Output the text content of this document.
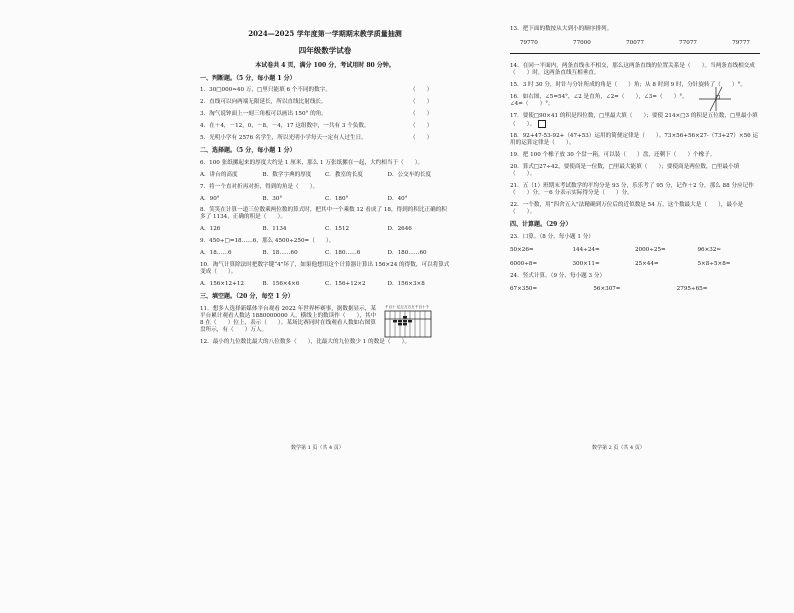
2024—2025 学年度第一学期期末教学质量抽测
四年级数学试卷
本试卷共 4 页，满分 100 分，考试用时 80 分钟。
一、判断题。（5 分，每小题 1 分）
1．30□000≈40 万，□里只能填 6 个不同的数字。	（　　）
2．直线可以向两端无限延长，所以直线比射线长。	（　　）
3．淘气说钟面上一刻三角板可以画出 150° 的角。	（　　）
4．在＋4，－12，0，－8，－4，17 这组数中，一共有 3 个负数。	（　　）
5．光明小学有 2576 名学生，所以光明小学每天一定有人过生日。	（　　）
二、选择题。（5 分，每小题 1 分）
6．100 张纸摞起来的厚度大约是 1 厘米，那么 1 万张纸摞在一起，大约相当于（　　）。
A．讲台的高度	B．数学字典的厚度	C．教室的长度	D．公交车的长度
7．将一个直对折再对折，得到的角是（　　）。
A．90°	B．30°	C．180°	D．40°
8．笑笑在计算一道三位数乘两位数的算式时，把其中一个乘数 12 看成了 18，得到的积比正确的积多了 1134，正确的积是（　　）。
A．126	B．1134	C．1512	D．2646
9．450÷□=18……6，那么 4500÷250=（　　）。
A．18……6	B．18……60	C．180……6	D．180……60
10．淘气计算除法时把数字键“4”坏了，如果他想用这个计算器计算出 156×24 的得数，可以将算式变成（　　）。
A．156×12+12	B．156×4×6	C．156+12×2	D．156×3×8
三、填空题。（20 分，每空 1 分）
11．想多人选择新媒体平台观看 2022 年世界杯赛事，据数据显示，某平台累计观看人数达 1880000000 人，横线上的数读作（　　），其中 8 在（　　）位上，表示（　　）。某场比赛同时在线观看人数如右图算盘所示，有（　　）万人。
千百十 亿万万万万千百十个
12．最小的九位数比最大的八位数多（　　），比最大的九位数少 1 的数是（　　）。
数学第 1 页（共 4 页）
13．把下面的数按从大到小的顺序排列。
79770	77000	70077	77077	79777
14．在同一平面内，两条直线永不相交，那么这两条直线的位置关系是（　　）。当两条直线相交成（　　）时，这两条直线互相垂直。
15．3 时 30 分，时针与分针所成的角是（　　）角；从 8 时到 9 时，分针旋转了（　　）°。
16．如右图，∠5=54°，∠2 是直角，∠2=（　　），∠3=（　　）°，∠4=（　　）°。
17．要使□90×41 的积是四位数，□里最大填（　　）；要使 214×□3 的积是五位数，□里最小填（　　）。
18．92+47-53-92+（47+53）运用的简便定律是（　　）。73×56+56×27-（73+27）×56 运用的运算定律是（　　）。
19．把 100 个橡子放 30 个盘一箱，可以装（　　）盘，还剩下（　　）个橡子。
20．算式□27÷42，要使商是一位数，□里最大能填（　　）；要使商是两位数，□里最小填（　　）。
21．五（1）班期末考试数学的平均分是 93 分，乐乐考了 95 分，记作＋2 分，那么 88 分应记作（　　）分，－6 分表示实际得分是（　　）分。
22．一个数，用“四舍五入”法精确到万位后的近似数是 54 万，这个数最大是（　　），最小是（　　）。
四、计算题。（29 分）
23．口算。（8 分，每小题 1 分）
50×26=	144÷24=	2000÷25=	96×32≈
6000÷8=	300×11=	25×44=	5×8÷5×8=
24．竖式计算。（9 分，每小题 3 分）
67×350=	56×307=	2795÷65=
数学第 2 页（共 4 页）
